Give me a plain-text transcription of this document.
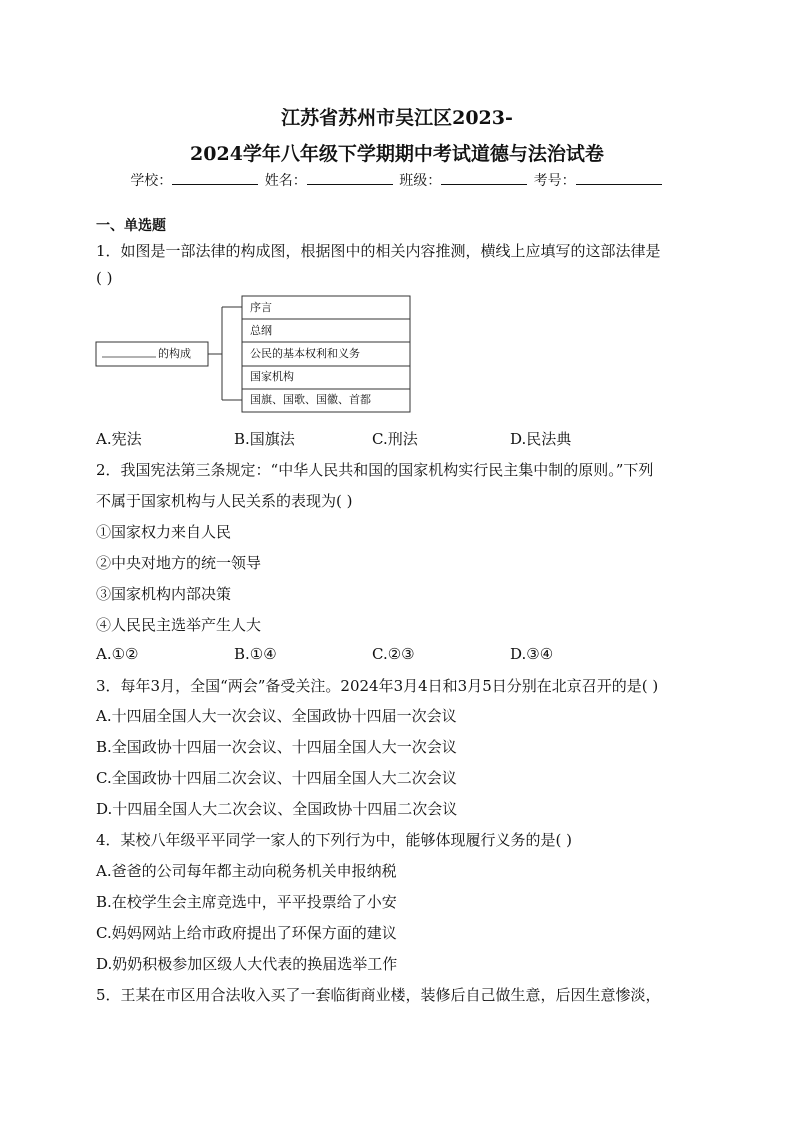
江苏省苏州市吴江区2023-
2024学年八年级下学期期中考试道德与法治试卷
学校：	姓名：	班级：	考号：
一、单选题
1．如图是一部法律的构成图，根据图中的相关内容推测，横线上应填写的这部法律是
( )
的构成
序言
总纲
公民的基本权利和义务
国家机构
国旗、国歌、国徽、首都
A.宪法	B.国旗法	C.刑法	D.民法典
2．我国宪法第三条规定：“中华人民共和国的国家机构实行民主集中制的原则。”下列
不属于国家机构与人民关系的表现为( )
①国家权力来自人民
②中央对地方的统一领导
③国家机构内部决策
④人民民主选举产生人大
A.①②	B.①④	C.②③	D.③④
3．每年3月，全国“两会”备受关注。2024年3月4日和3月5日分别在北京召开的是( )
A.十四届全国人大一次会议、全国政协十四届一次会议
B.全国政协十四届一次会议、十四届全国人大一次会议
C.全国政协十四届二次会议、十四届全国人大二次会议
D.十四届全国人大二次会议、全国政协十四届二次会议
4．某校八年级平平同学一家人的下列行为中，能够体现履行义务的是( )
A.爸爸的公司每年都主动向税务机关申报纳税
B.在校学生会主席竞选中，平平投票给了小安
C.妈妈网站上给市政府提出了环保方面的建议
D.奶奶积极参加区级人大代表的换届选举工作
5．王某在市区用合法收入买了一套临街商业楼，装修后自己做生意，后因生意惨淡，
